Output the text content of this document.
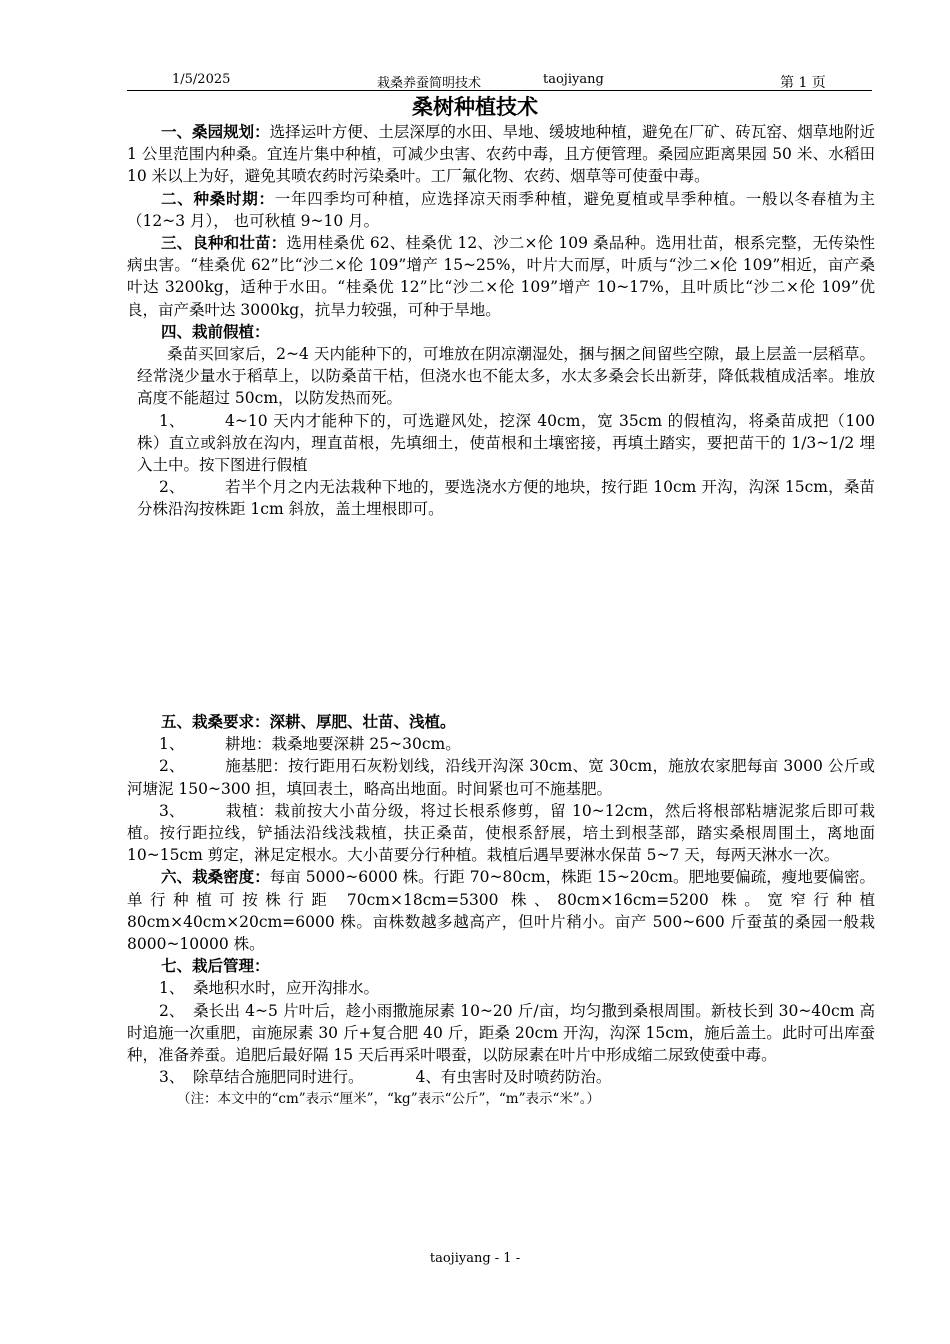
1/5/2025	栽桑养蚕简明技术	taojiyang	第 1 页
桑树种植技术

一、桑园规划：选择运叶方便、土层深厚的水田、旱地、缓坡地种植，避免在厂矿、砖瓦窑、烟草地附近 1 公里范围内种桑。宜连片集中种植，可减少虫害、农药中毒，且方便管理。桑园应距离果园 50 米、水稻田 10 米以上为好，避免其喷农药时污染桑叶。工厂氟化物、农药、烟草等可使蚕中毒。

二、种桑时期：一年四季均可种植，应选择凉天雨季种植，避免夏植或旱季种植。一般以冬春植为主（12~3 月）， 也可秋植 9~10 月。

三、良种和壮苗：选用桂桑优 62、桂桑优 12、沙二×伦 109 桑品种。选用壮苗，根系完整，无传染性病虫害。“桂桑优 62”比“沙二×伦 109”增产 15~25%，叶片大而厚，叶质与“沙二×伦 109”相近，亩产桑叶达 3200kg，适种于水田。“桂桑优 12”比“沙二×伦 109”增产 10~17%，且叶质比“沙二×伦 109”优良，亩产桑叶达 3000kg，抗旱力较强，可种于旱地。

四、栽前假植：

桑苗买回家后，2~4 天内能种下的，可堆放在阴凉潮湿处，捆与捆之间留些空隙，最上层盖一层稻草。经常浇少量水于稻草上，以防桑苗干枯，但浇水也不能太多，水太多桑会长出新芽，降低栽植成活率。堆放高度不能超过 50cm，以防发热而死。

1、	4~10 天内才能种下的，可选避风处，挖深 40cm，宽 35cm 的假植沟，将桑苗成把（100 株）直立或斜放在沟内，理直苗根，先填细土，使苗根和土壤密接，再填土踏实，要把苗干的 1/3~1/2 埋入土中。按下图进行假植

2、	若半个月之内无法栽种下地的，要选浇水方便的地块，按行距 10cm 开沟，沟深 15cm，桑苗分株沿沟按株距 1cm 斜放，盖土埋根即可。

五、栽桑要求：深耕、厚肥、壮苗、浅植。

1、	耕地：栽桑地要深耕 25~30cm。

2、	施基肥：按行距用石灰粉划线，沿线开沟深 30cm、宽 30cm，施放农家肥每亩 3000 公斤或河塘泥 150~300 担，填回表土，略高出地面。时间紧也可不施基肥。

3、	栽植：栽前按大小苗分级，将过长根系修剪，留 10~12cm，然后将根部粘塘泥浆后即可栽植。按行距拉线，铲插法沿线浅栽植，扶正桑苗，使根系舒展，培土到根茎部，踏实桑根周围土，离地面 10~15cm 剪定，淋足定根水。大小苗要分行种植。栽植后遇旱要淋水保苗 5~7 天，每两天淋水一次。

六、栽桑密度：每亩 5000~6000 株。行距 70~80cm，株距 15~20cm。肥地要偏疏，瘦地要偏密。单行种植可按株行距 70cm×18cm=5300 株、80cm×16cm=5200 株。宽窄行种植 80cm×40cm×20cm=6000 株。亩株数越多越高产，但叶片稍小。亩产 500~600 斤蚕茧的桑园一般栽 8000~10000 株。

七、栽后管理：

1、 桑地积水时，应开沟排水。

2、 桑长出 4~5 片叶后，趁小雨撒施尿素 10~20 斤/亩，均匀撒到桑根周围。新枝长到 30~40cm 高时追施一次重肥，亩施尿素 30 斤+复合肥 40 斤，距桑 20cm 开沟，沟深 15cm，施后盖土。此时可出库蚕种，准备养蚕。追肥后最好隔 15 天后再采叶喂蚕，以防尿素在叶片中形成缩二尿致使蚕中毒。

3、 除草结合施肥同时进行。	4、有虫害时及时喷药防治。

（注：本文中的“cm”表示“厘米”，“kg”表示“公斤”，“m”表示“米”。）

taojiyang - 1 -
